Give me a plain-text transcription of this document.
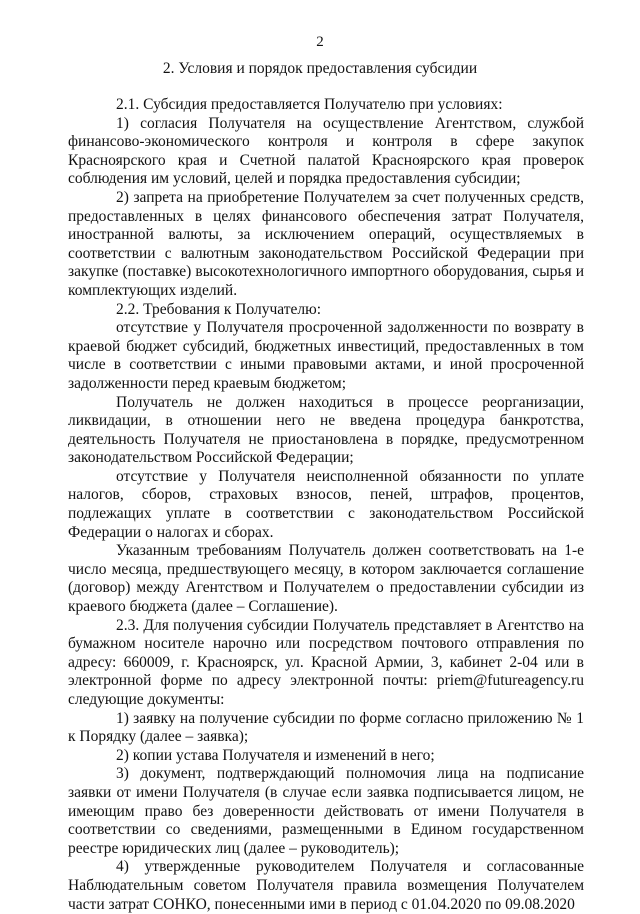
2
2. Условия и порядок предоставления субсидии

2.1. Субсидия предоставляется Получателю при условиях:

1) согласия Получателя на осуществление Агентством, службой финансово-экономического контроля и контроля в сфере закупок Красноярского края и Счетной палатой Красноярского края проверок соблюдения им условий, целей и порядка предоставления субсидии;

2) запрета на приобретение Получателем за счет полученных средств, предоставленных в целях финансового обеспечения затрат Получателя, иностранной валюты, за исключением операций, осуществляемых в соответствии с валютным законодательством Российской Федерации при закупке (поставке) высокотехнологичного импортного оборудования, сырья и комплектующих изделий.

2.2. Требования к Получателю:

отсутствие у Получателя просроченной задолженности по возврату в краевой бюджет субсидий, бюджетных инвестиций, предоставленных в том числе в соответствии с иными правовыми актами, и иной просроченной задолженности перед краевым бюджетом;

Получатель не должен находиться в процессе реорганизации, ликвидации, в отношении него не введена процедура банкротства, деятельность Получателя не приостановлена в порядке, предусмотренном законодательством Российской Федерации;

отсутствие у Получателя неисполненной обязанности по уплате налогов, сборов, страховых взносов, пеней, штрафов, процентов, подлежащих уплате в соответствии с законодательством Российской Федерации о налогах и сборах.

Указанным требованиям Получатель должен соответствовать на 1-е число месяца, предшествующего месяцу, в котором заключается соглашение (договор) между Агентством и Получателем о предоставлении субсидии из краевого бюджета (далее – Соглашение).

2.3. Для получения субсидии Получатель представляет в Агентство на бумажном носителе нарочно или посредством почтового отправления по адресу: 660009, г. Красноярск, ул. Красной Армии, 3, кабинет 2-04 или в электронной форме по адресу электронной почты: priem@futureagency.ru следующие документы:

1) заявку на получение субсидии по форме согласно приложению № 1 к Порядку (далее – заявка);

2) копии устава Получателя и изменений в него;

3) документ, подтверждающий полномочия лица на подписание заявки от имени Получателя (в случае если заявка подписывается лицом, не имеющим право без доверенности действовать от имени Получателя в соответствии со сведениями, размещенными в Едином государственном реестре юридических лиц (далее – руководитель);

4) утвержденные руководителем Получателя и согласованные Наблюдательным советом Получателя правила возмещения Получателем части затрат СОНКО, понесенными ими в период с 01.04.2020 по 09.08.2020
